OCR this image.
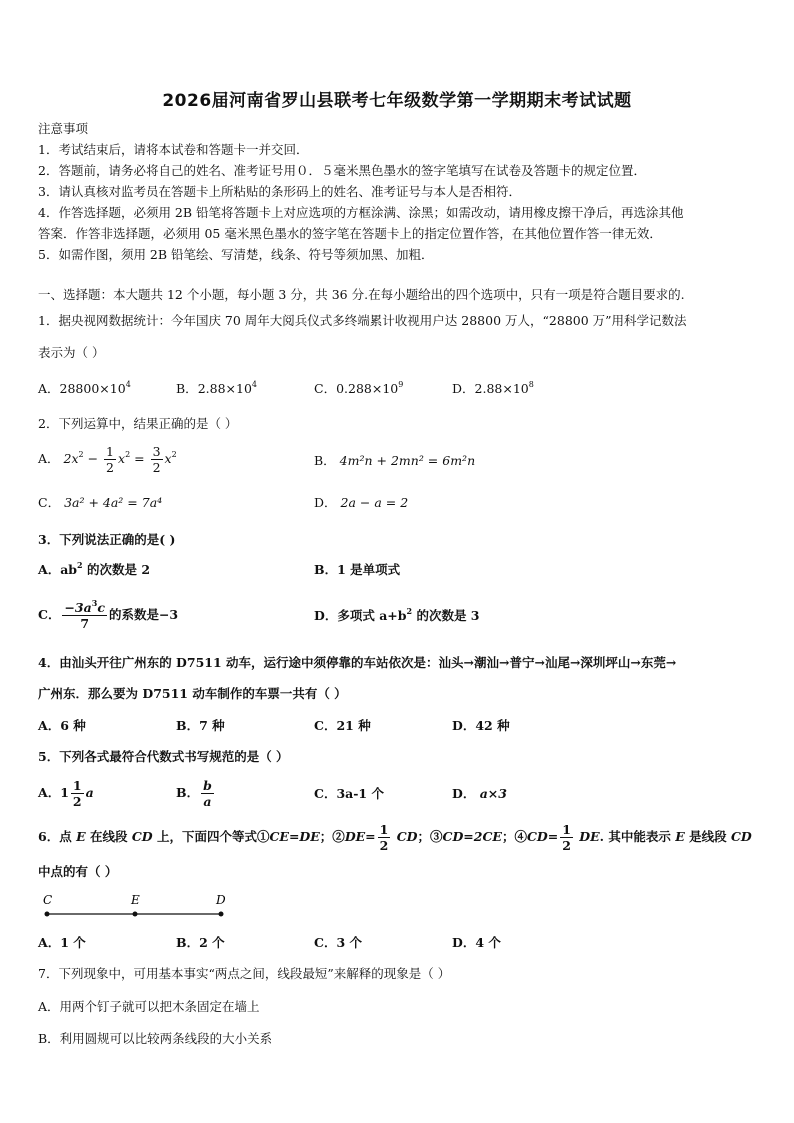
2026届河南省罗山县联考七年级数学第一学期期末考试试题
注意事项
1．考试结束后，请将本试卷和答题卡一并交回．
2．答题前，请务必将自己的姓名、准考证号用０．５毫米黑色墨水的签字笔填写在试卷及答题卡的规定位置．
3．请认真核对监考员在答题卡上所粘贴的条形码上的姓名、准考证号与本人是否相符．
4．作答选择题，必须用 2B 铅笔将答题卡上对应选项的方框涂满、涂黑；如需改动，请用橡皮擦干净后，再选涂其他
答案．作答非选择题，必须用 05 毫米黑色墨水的签字笔在答题卡上的指定位置作答，在其他位置作答一律无效．
5．如需作图，须用 2B 铅笔绘、写清楚，线条、符号等须加黑、加粗．
一、选择题：本大题共 12 个小题，每小题 3 分，共 36 分.在每小题给出的四个选项中，只有一项是符合题目要求的.
1．据央视网数据统计：今年国庆 70 周年大阅兵仪式多终端累计收视用户达 28800 万人，“28800 万”用科学记数法
表示为（ ）
A．$28800\times 10^4$	B．$2.88\times 10^4$	C．$0.288\times 10^9$	D．$2.88\times 10^8$
2．下列运算中，结果正确的是（ ）
A． $2x^2 - \frac{1}{2} x^2 = \frac{3}{2} x^2$	B． 4m²n + 2mn² = 6m²n
C． 3a² + 4a² = 7a⁴	D． 2a − a = 2
3．下列说法正确的是( )
A．$ab^2$ 的次数是 2	B．1 是单项式
C． $\frac{-3a^3c}{7}$ 的系数是−3	D．多项式 $a+b^2$ 的次数是 3
4．由汕头开往广州东的 D7511 动车，运行途中须停靠的车站依次是：汕头→潮汕→普宁→汕尾→深圳坪山→东莞→
广州东．那么要为 D7511 动车制作的车票一共有（ ）
A．6 种	B．7 种	C．21 种	D．42 种
5．下列各式最符合代数式书写规范的是（ ）
A．$1 \frac{1}{2}$ a	B． $\frac{b}{a}$	C．3a-1 个	D． a×3
6．点 E 在线段 CD 上，下面四个等式①CE=DE；②DE= $\frac{1}{2}$ CD；③CD=2CE；④CD= $\frac{1}{2}$ DE. 其中能表示 E 是线段 CD
中点的有（ ）
C	E	D
A．1 个	B．2 个	C．3 个	D．4 个
7．下列现象中，可用基本事实“两点之间，线段最短”来解释的现象是（ ）
A．用两个钉子就可以把木条固定在墙上
B．利用圆规可以比较两条线段的大小关系
